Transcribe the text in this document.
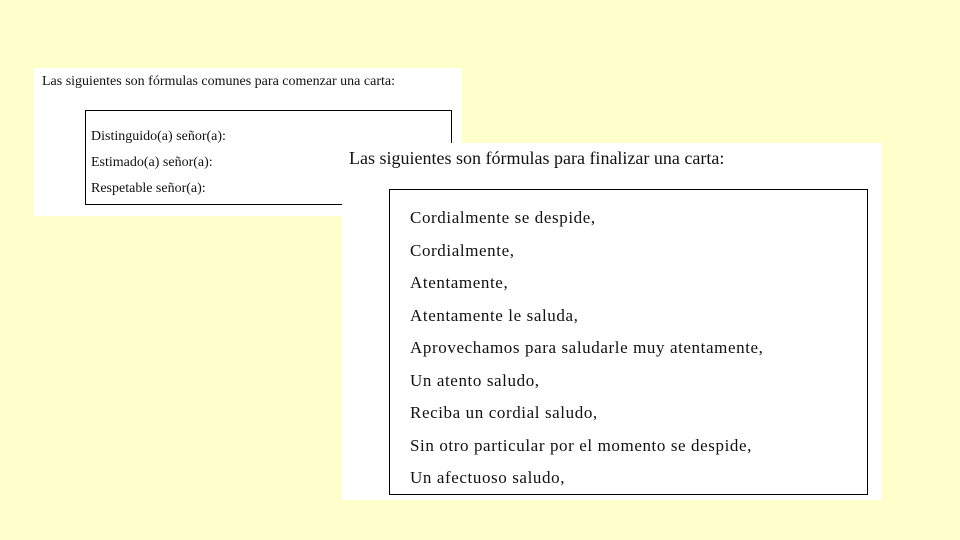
Las siguientes son fórmulas comunes para comenzar una carta:
Distinguido(a) señor(a):
Estimado(a) señor(a):
Respetable señor(a):
Las siguientes son fórmulas para finalizar una carta:
Cordialmente se despide,
Cordialmente,
Atentamente,
Atentamente le saluda,
Aprovechamos para saludarle muy atentamente,
Un atento saludo,
Reciba un cordial saludo,
Sin otro particular por el momento se despide,
Un afectuoso saludo,
